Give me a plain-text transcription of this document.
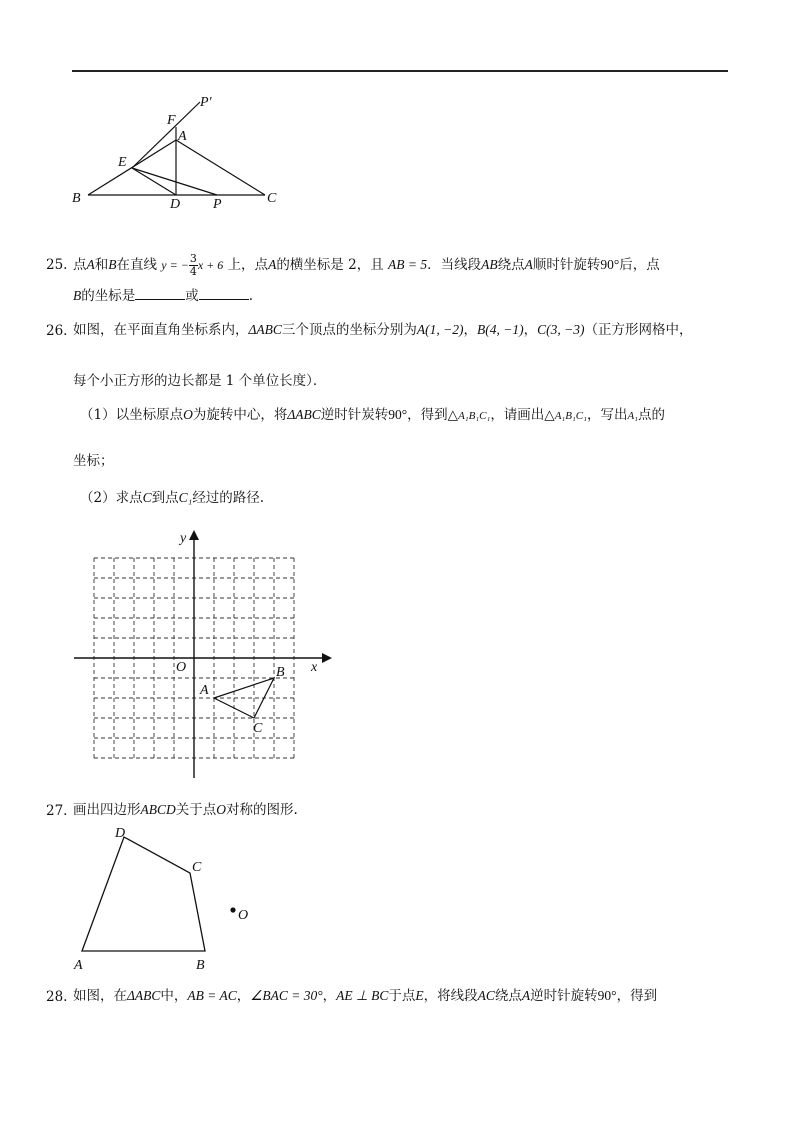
P′
F
A
E
B	D P	C
25. 点A和B在直线 y = − $\frac{3}{4}$ x + 6 上，点A的横坐标是 2，且 AB = 5．当线段AB绕点A顺时针旋转90°后，点
B的坐标是	或	.
26. 如图，在平面直角坐标系内，ΔABC三个顶点的坐标分别为A(1, −2)，B(4, −1)，C(3, −3)（正方形网格中，
每个小正方形的边长都是 1 个单位长度）．
（1）以坐标原点O为旋转中心，将ΔABC逆时针炭转90°，得到△A₁B₁C₁，请画出△A₁B₁C₁，写出A₁点的
坐标；
（2）求点C到点C₁经过的路径.
y
x
O
A
B
C
27. 画出四边形ABCD关于点O对称的图形.
D
C
O
A	B
28. 如图，在ΔABC中，AB = AC，∠BAC = 30°，AE ⊥ BC于点E，将线段AC绕点A逆时针旋转90°，得到
